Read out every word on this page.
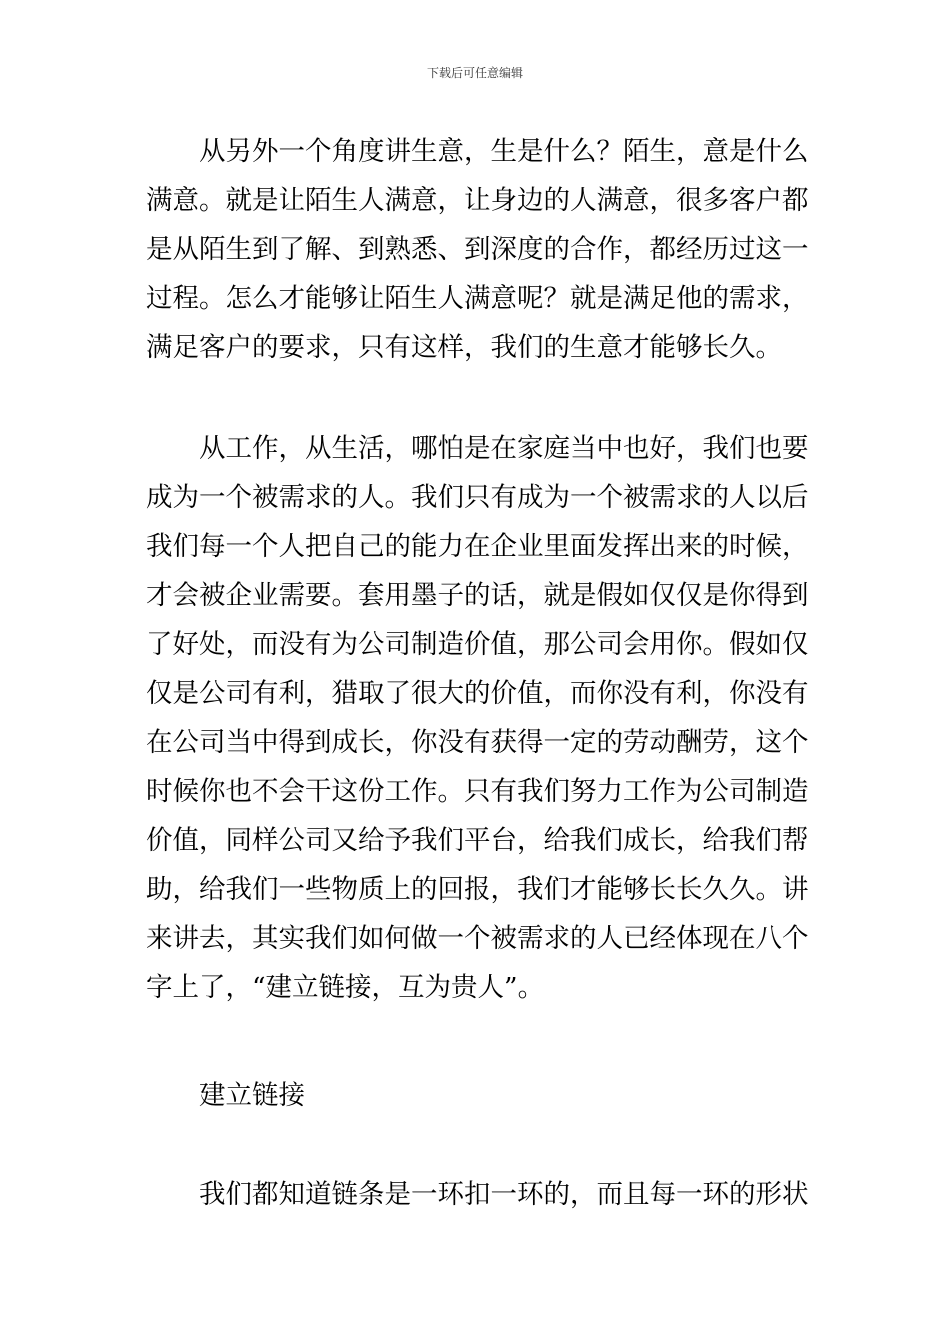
下载后可任意编辑
从另外一个角度讲生意，生是什么？陌生，意是什么
满意。就是让陌生人满意，让身边的人满意，很多客户都
是从陌生到了解、到熟悉、到深度的合作，都经历过这一
过程。怎么才能够让陌生人满意呢？就是满足他的需求，
满足客户的要求，只有这样，我们的生意才能够长久。
从工作，从生活，哪怕是在家庭当中也好，我们也要
成为一个被需求的人。我们只有成为一个被需求的人以后
我们每一个人把自己的能力在企业里面发挥出来的时候，
才会被企业需要。套用墨子的话，就是假如仅仅是你得到
了好处，而没有为公司制造价值，那公司会用你。假如仅
仅是公司有利，猎取了很大的价值，而你没有利，你没有
在公司当中得到成长，你没有获得一定的劳动酬劳，这个
时候你也不会干这份工作。只有我们努力工作为公司制造
价值，同样公司又给予我们平台，给我们成长，给我们帮
助，给我们一些物质上的回报，我们才能够长长久久。讲
来讲去，其实我们如何做一个被需求的人已经体现在八个
字上了，“建立链接，互为贵人”。
建立链接
我们都知道链条是一环扣一环的，而且每一环的形状
